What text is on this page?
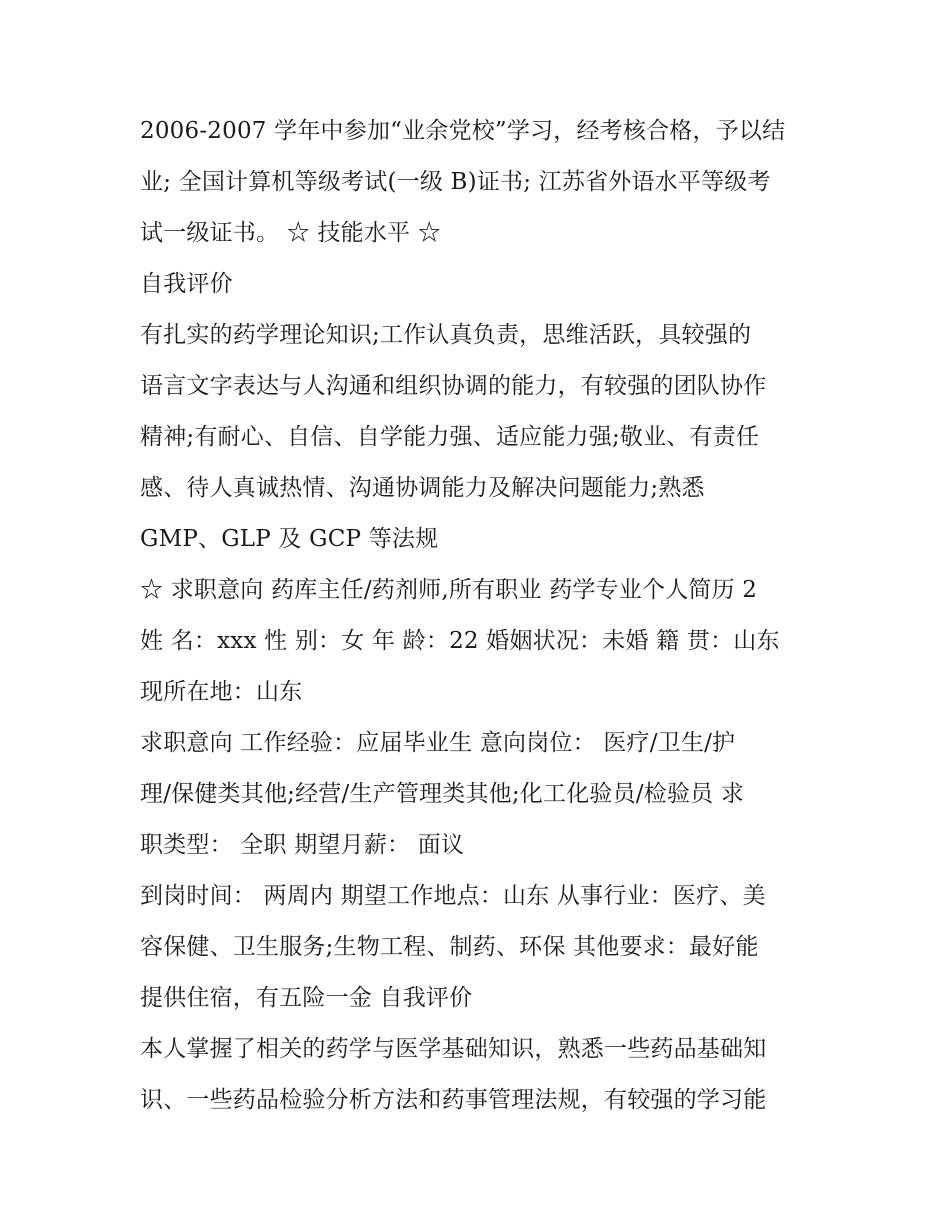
2006-2007 学年中参加“业余党校”学习，经考核合格，予以结
业; 全国计算机等级考试(一级 B)证书; 江苏省外语水平等级考
试一级证书。 ☆ 技能水平 ☆
自我评价
有扎实的药学理论知识;工作认真负责，思维活跃，具较强的
语言文字表达与人沟通和组织协调的能力，有较强的团队协作
精神;有耐心、自信、自学能力强、适应能力强;敬业、有责任
感、待人真诚热情、沟通协调能力及解决问题能力;熟悉
GMP、GLP 及 GCP 等法规
☆ 求职意向 药库主任/药剂师,所有职业 药学专业个人简历 2
姓 名：xxx 性 别：女 年 龄：22 婚姻状况：未婚 籍 贯：山东
现所在地：山东
求职意向 工作经验：应届毕业生 意向岗位： 医疗/卫生/护
理/保健类其他;经营/生产管理类其他;化工化验员/检验员 求
职类型： 全职 期望月薪： 面议
到岗时间： 两周内 期望工作地点：山东 从事行业：医疗、美
容保健、卫生服务;生物工程、制药、环保 其他要求：最好能
提供住宿，有五险一金 自我评价
本人掌握了相关的药学与医学基础知识，熟悉一些药品基础知
识、一些药品检验分析方法和药事管理法规，有较强的学习能
